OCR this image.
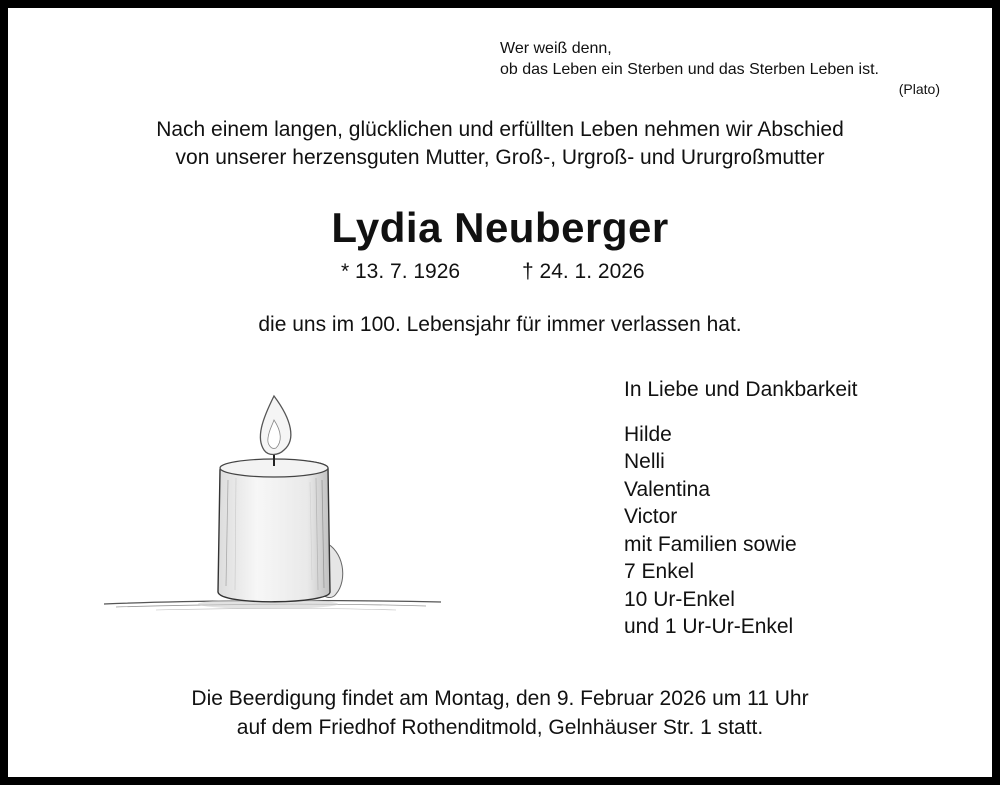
Wer weiß denn,
ob das Leben ein Sterben und das Sterben Leben ist.
(Plato)
Nach einem langen, glücklichen und erfüllten Leben nehmen wir Abschied
von unserer herzensguten Mutter, Groß-, Urgroß- und Ururgroßmutter
Lydia Neuberger
* 13. 7. 1926	† 24. 1. 2026
die uns im 100. Lebensjahr für immer verlassen hat.
In Liebe und Dankbarkeit
Hilde
Nelli
Valentina
Victor
mit Familien sowie
7 Enkel
10 Ur-Enkel
und 1 Ur-Ur-Enkel
Die Beerdigung findet am Montag, den 9. Februar 2026 um 11 Uhr
auf dem Friedhof Rothenditmold, Gelnhäuser Str. 1 statt.
